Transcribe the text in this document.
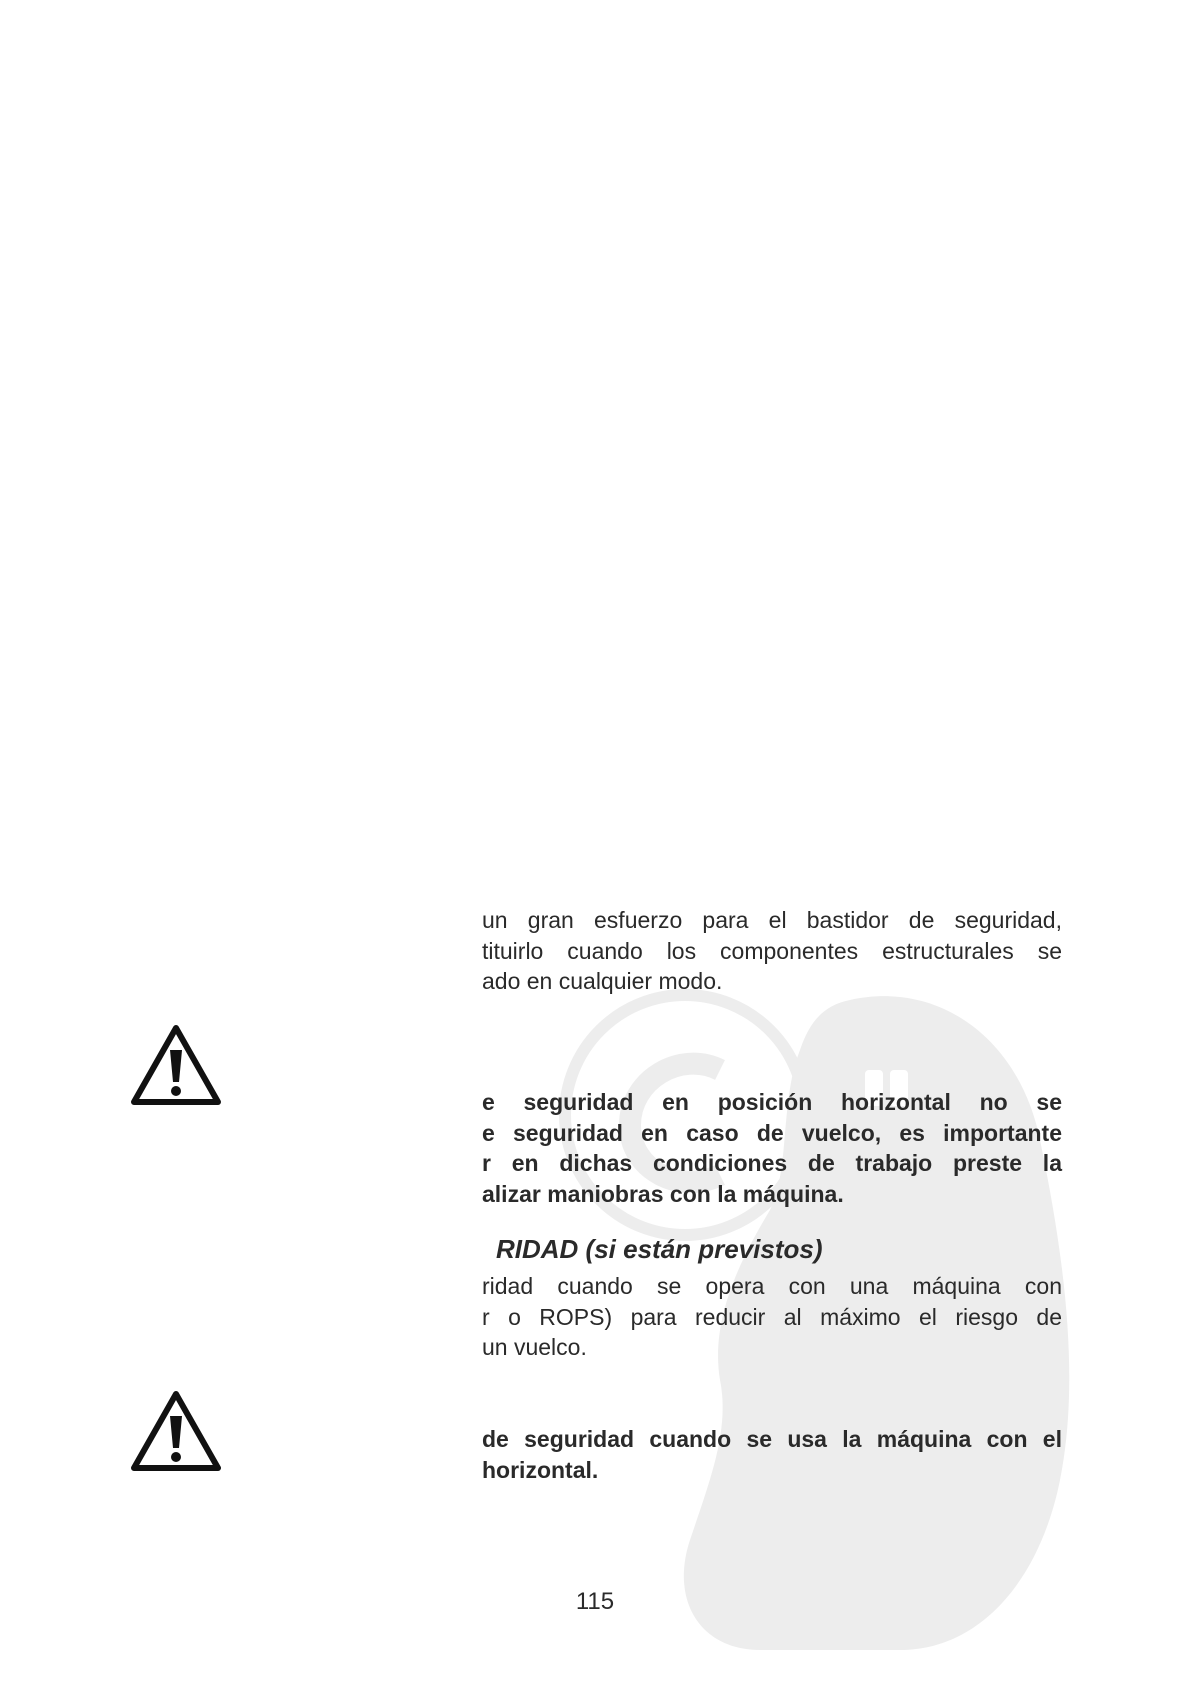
un gran esfuerzo para el bastidor de seguridad,
tituirlo cuando los componentes estructurales se
ado en cualquier modo.
e seguridad en posición horizontal no se
e seguridad en caso de vuelco, es importante
r en dichas condiciones de trabajo preste la
alizar maniobras con la máquina.
RIDAD (si están previstos)
ridad cuando se opera con una máquina con
r o ROPS) para reducir al máximo el riesgo de
un vuelco.
de seguridad cuando se usa la máquina con el
horizontal.
115
